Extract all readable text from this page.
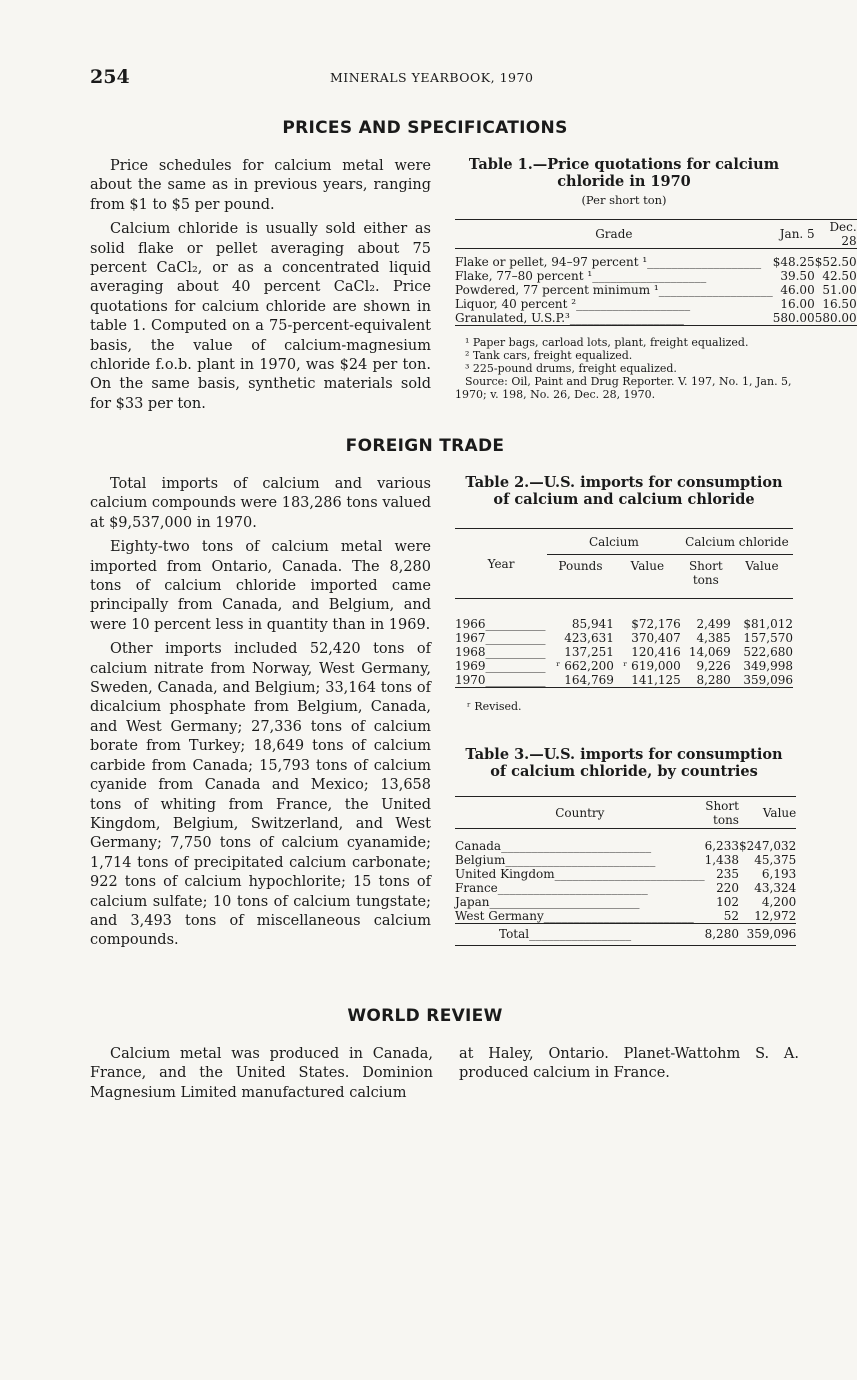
254	MINERALS YEARBOOK, 1970
PRICES AND SPECIFICATIONS

Price schedules for calcium metal were about the same as in previous years, ranging from $1 to $5 per pound.

Calcium chloride is usually sold either as solid flake or pellet averaging about 75 percent CaCl₂, or as a concentrated liquid averaging about 40 percent CaCl₂. Price quotations for calcium chloride are shown in table 1. Computed on a 75-percent-equivalent basis, the value of calcium-magnesium chloride f.o.b. plant in 1970, was $24 per ton. On the same basis, synthetic materials sold for $33 per ton.

Table 1.—Price quotations for calcium chloride in 1970
(Per short ton)
Grade	Jan. 5	Dec. 28

Flake or pellet, 94–97 percent ¹___________________	$48.25	$52.50
Flake, 77–80 percent ¹___________________	39.50	42.50
Powdered, 77 percent minimum ¹___________________	46.00	51.00
Liquor, 40 percent ²___________________	16.00	16.50
Granulated, U.S.P.³___________________	580.00	580.00
¹ Paper bags, carload lots, plant, freight equalized.
² Tank cars, freight equalized.
³ 225-pound drums, freight equalized.
Source: Oil, Paint and Drug Reporter. V. 197, No. 1, Jan. 5, 1970; v. 198, No. 26, Dec. 28, 1970.
FOREIGN TRADE

Total imports of calcium and various calcium compounds were 183,286 tons valued at $9,537,000 in 1970.

Eighty-two tons of calcium metal were imported from Ontario, Canada. The 8,280 tons of calcium chloride imported came principally from Canada, and Belgium, and were 10 percent less in quantity than in 1969.

Other imports included 52,420 tons of calcium nitrate from Norway, West Germany, Sweden, Canada, and Belgium; 33,164 tons of dicalcium phosphate from Belgium, Canada, and West Germany; 27,336 tons of calcium borate from Turkey; 18,649 tons of calcium carbide from Canada; 15,793 tons of calcium cyanide from Canada and Mexico; 13,658 tons of whiting from France, the United Kingdom, Belgium, Switzerland, and West Germany; 7,750 tons of calcium cyanamide; 1,714 tons of precipitated calcium carbonate; 922 tons of calcium hypochlorite; 15 tons of calcium sulfate; 10 tons of calcium tungstate; and 3,493 tons of miscellaneous calcium compounds.

Table 2.—U.S. imports for consumption of calcium and calcium chloride
Year	Calcium		Calcium chloride	
	Pounds	Value	Short tons	Value

1966__________	85,941	$72,176	2,499	$81,012
1967__________	423,631	370,407	4,385	157,570
1968__________	137,251	120,416	14,069	522,680
1969__________	ʳ 662,200	ʳ 619,000	9,226	349,998
1970__________	164,769	141,125	8,280	359,096
ʳ Revised.
Table 3.—U.S. imports for consumption of calcium chloride, by countries
Country	Short tons	Value

Canada_________________________	6,233	$247,032
Belgium_________________________	1,438	45,375
United Kingdom_________________________	235	6,193
France_________________________	220	43,324
Japan_________________________	102	4,200
West Germany_________________________	52	12,972
Total_________________	8,280	359,096
WORLD REVIEW

Calcium metal was produced in Canada, France, and the United States. Dominion Magnesium Limited manufactured calcium

at Haley, Ontario. Planet-Wattohm S. A. produced calcium in France.
